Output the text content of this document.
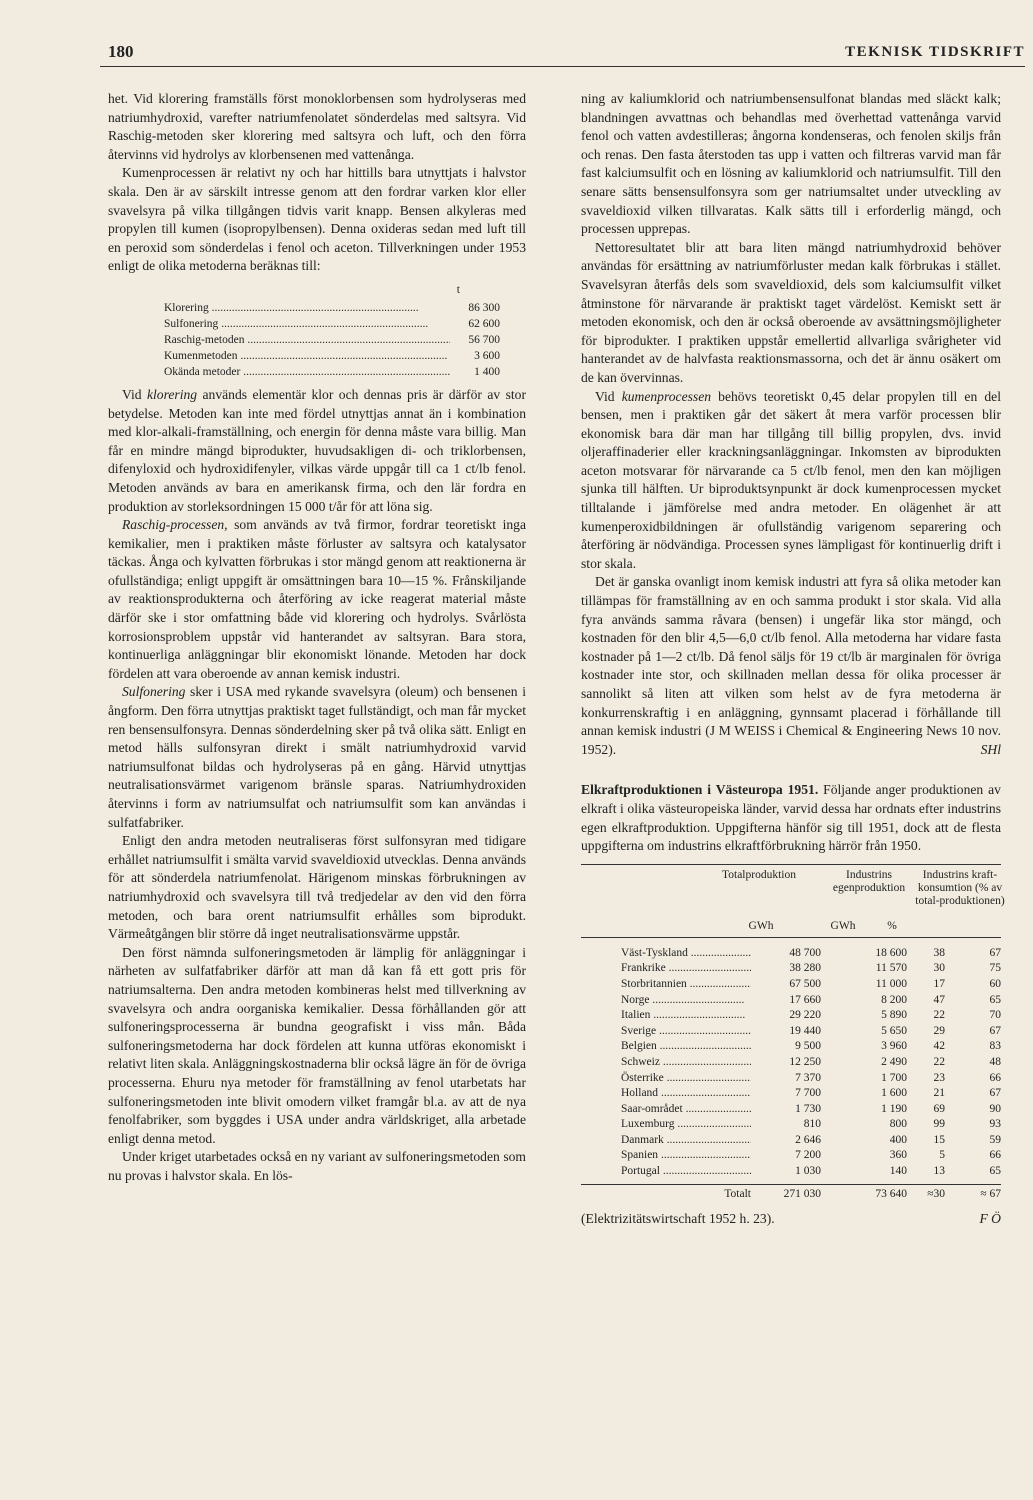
180	TEKNISK TIDSKRIFT

het. Vid klorering framställs först monoklorbensen som hydrolyseras med natriumhydroxid, varefter natriumfenolatet sönderdelas med saltsyra. Vid Raschig-metoden sker klorering med saltsyra och luft, och den förra återvinns vid hydrolys av klorbensenen med vattenånga.

Kumenprocessen är relativt ny och har hittills bara utnyttjats i halvstor skala. Den är av särskilt intresse genom att den fordrar varken klor eller svavelsyra på vilka tillgången tidvis varit knapp. Bensen alkyleras med propylen till kumen (isopropylbensen). Denna oxideras sedan med luft till en peroxid som sönderdelas i fenol och aceton. Tillverkningen under 1953 enligt de olika metoderna beräknas till:

t
Klorering .....	86 300
Sulfonering .....	62 600
Raschig-metoden .....	56 700
Kumenmetoden .....	3 600
Okända metoder .....	1 400

Vid klorering används elementär klor och dennas pris är därför av stor betydelse. Metoden kan inte med fördel utnyttjas annat än i kombination med klor-alkali-framställning, och energin för denna måste vara billig. Man får en mindre mängd biprodukter, huvudsakligen di- och triklorbensen, difenyloxid och hydroxidifenyler, vilkas värde uppgår till ca 1 ct/lb fenol. Metoden används av bara en amerikansk firma, och den lär fordra en produktion av storleksordningen 15 000 t/år för att löna sig.

Raschig-processen, som används av två firmor, fordrar teoretiskt inga kemikalier, men i praktiken måste förluster av saltsyra och katalysator täckas. Ånga och kylvatten förbrukas i stor mängd genom att reaktionerna är ofullständiga; enligt uppgift är omsättningen bara 10—15 %. Frånskiljande av reaktionsprodukterna och återföring av icke reagerat material måste därför ske i stor omfattning både vid klorering och hydrolys. Svårlösta korrosionsproblem uppstår vid hanterandet av saltsyran. Bara stora, kontinuerliga anläggningar blir ekonomiskt lönande. Metoden har dock fördelen att vara oberoende av annan kemisk industri.

Sulfonering sker i USA med rykande svavelsyra (oleum) och bensenen i ångform. Den förra utnyttjas praktiskt taget fullständigt, och man får mycket ren bensensulfonsyra. Dennas sönderdelning sker på två olika sätt. Enligt en metod hälls sulfonsyran direkt i smält natriumhydroxid varvid natriumsulfonat bildas och hydrolyseras på en gång. Härvid utnyttjas neutralisationsvärmet varigenom bränsle sparas. Natriumhydroxiden återvinns i form av natriumsulfat och natriumsulfit som kan användas i sulfatfabriker.

Enligt den andra metoden neutraliseras först sulfonsyran med tidigare erhållet natriumsulfit i smälta varvid svaveldioxid utvecklas. Denna används för att sönderdela natriumfenolat. Härigenom minskas förbrukningen av natriumhydroxid och svavelsyra till två tredjedelar av den vid den förra metoden, och bara orent natriumsulfit erhålles som biprodukt. Värmeåtgången blir större då inget neutralisationsvärme uppstår.

Den först nämnda sulfoneringsmetoden är lämplig för anläggningar i närheten av sulfatfabriker därför att man då kan få ett gott pris för natriumsalterna. Den andra metoden kombineras helst med tillverkning av svavelsyra och andra oorganiska kemikalier. Dessa förhållanden gör att sulfoneringsprocesserna är bundna geografiskt i viss mån. Båda sulfoneringsmetoderna har dock fördelen att kunna utföras ekonomiskt i relativt liten skala. Anläggningskostnaderna blir också lägre än för de övriga processerna. Ehuru nya metoder för framställning av fenol utarbetats har sulfoneringsmetoden inte blivit omodern vilket framgår bl.a. av att de nya fenolfabriker, som byggdes i USA under andra världskriget, alla arbetade enligt denna metod.

Under kriget utarbetades också en ny variant av sulfoneringsmetoden som nu provas i halvstor skala. En lös-

ning av kaliumklorid och natriumbensensulfonat blandas med släckt kalk; blandningen avvattnas och behandlas med överhettad vattenånga varvid fenol och vatten avdestilleras; ångorna kondenseras, och fenolen skiljs från och renas. Den fasta återstoden tas upp i vatten och filtreras varvid man får fast kalciumsulfit och en lösning av kaliumklorid och natriumsulfit. Till den senare sätts bensensulfonsyra som ger natriumsaltet under utveckling av svaveldioxid vilken tillvaratas. Kalk sätts till i erforderlig mängd, och processen upprepas.

Nettoresultatet blir att bara liten mängd natriumhydroxid behöver användas för ersättning av natriumförluster medan kalk förbrukas i stället. Svavelsyran återfås dels som svaveldioxid, dels som kalciumsulfit vilket åtminstone för närvarande är praktiskt taget värdelöst. Kemiskt sett är metoden ekonomisk, och den är också oberoende av avsättningsmöjligheter för biprodukter. I praktiken uppstår emellertid allvarliga svårigheter vid hanterandet av de halvfasta reaktionsmassorna, och det är ännu osäkert om de kan övervinnas.

Vid kumenprocessen behövs teoretiskt 0,45 delar propylen till en del bensen, men i praktiken går det säkert åt mera varför processen blir ekonomisk bara där man har tillgång till billig propylen, dvs. invid oljeraffinaderier eller krackningsanläggningar. Inkomsten av biprodukten aceton motsvarar för närvarande ca 5 ct/lb fenol, men den kan möjligen sjunka till hälften. Ur biproduktsynpunkt är dock kumenprocessen mycket tilltalande i jämförelse med andra metoder. En olägenhet är att kumenperoxidbildningen är ofullständig varigenom separering och återföring är nödvändiga. Processen synes lämpligast för kontinuerlig drift i stor skala.

Det är ganska ovanligt inom kemisk industri att fyra så olika metoder kan tillämpas för framställning av en och samma produkt i stor skala. Vid alla fyra används samma råvara (bensen) i ungefär lika stor mängd, och kostnaden för den blir 4,5—6,0 ct/lb fenol. Alla metoderna har vidare fasta kostnader på 1—2 ct/lb. Då fenol säljs för 19 ct/lb är marginalen för övriga kostnader inte stor, och skillnaden mellan dessa för olika processer är sannolikt så liten att vilken som helst av de fyra metoderna är konkurrenskraftig i en anläggning, gynnsamt placerad i förhållande till annan kemisk industri (J M WEISS i Chemical & Engineering News 10 nov. 1952).	SHl

Elkraftproduktionen i Västeuropa 1951. Följande anger produktionen av elkraft i olika västeuropeiska länder, varvid dessa har ordnats efter industrins egen elkraftproduktion. Uppgifterna hänför sig till 1951, dock att de flesta uppgifterna om industrins elkraftförbrukning härrör från 1950.

Totalproduktion	Industrins egenproduktion
Industrins kraft-konsumtion (% av total-produktionen)
GWh	GWh	%
Väst-Tyskland .....	48 700	18 600	38	67
Frankrike .....	38 280	11 570	30	75
Storbritannien .....	67 500	11 000	17	60
Norge .....	17 660	8 200	47	65
Italien .....	29 220	5 890	22	70
Sverige .....	19 440	5 650	29	67
Belgien .....	9 500	3 960	42	83
Schweiz .....	12 250	2 490	22	48
Österrike .....	7 370	1 700	23	66
Holland .....	7 700	1 600	21	67
Saar-området .....	1 730	1 190	69	90
Luxemburg .....	810	800	99	93
Danmark .....	2 646	400	15	59
Spanien .....	7 200	360	5	66
Portugal .....	1 030	140	13	65
Totalt	271 030	73 640	≈30	≈ 67
(Elektrizitätswirtschaft 1952 h. 23).	F Ö
